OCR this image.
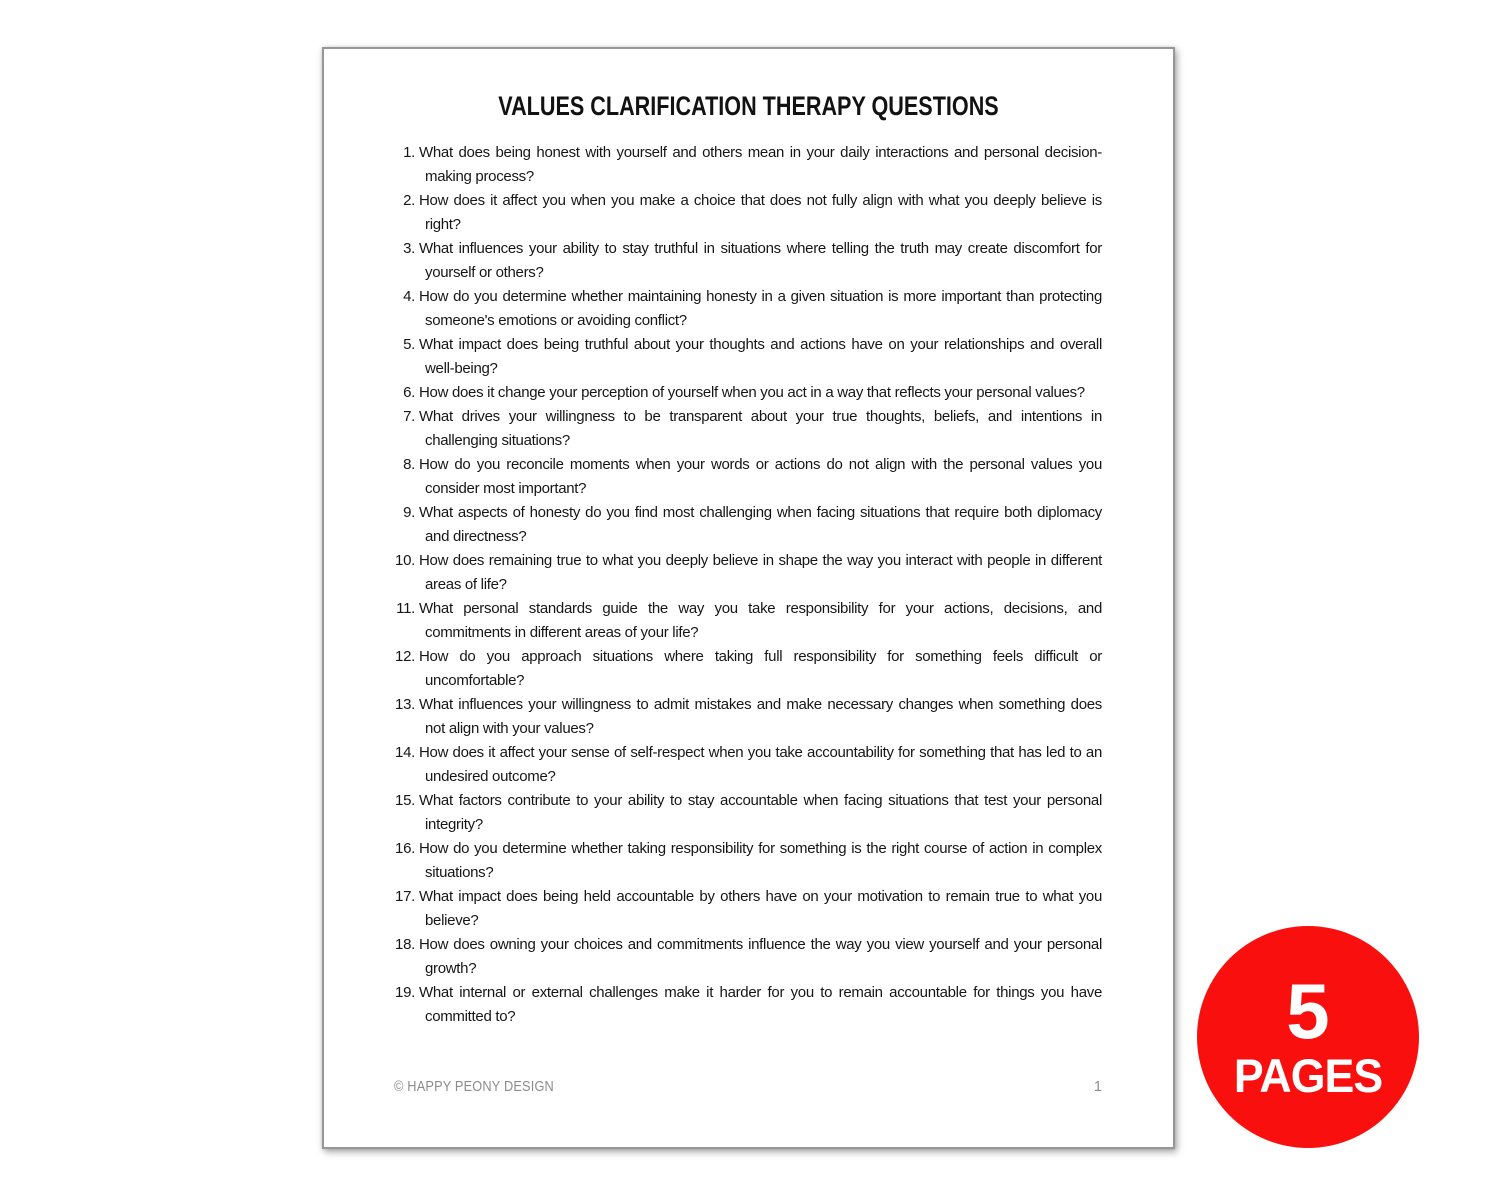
VALUES CLARIFICATION THERAPY QUESTIONS
What does being honest with yourself and others mean in your daily interactions and personal decision-making process?
How does it affect you when you make a choice that does not fully align with what you deeply believe is right?
What influences your ability to stay truthful in situations where telling the truth may create discomfort for yourself or others?
How do you determine whether maintaining honesty in a given situation is more important than protecting someone's emotions or avoiding conflict?
What impact does being truthful about your thoughts and actions have on your relationships and overall well-being?
How does it change your perception of yourself when you act in a way that reflects your personal values?
What drives your willingness to be transparent about your true thoughts, beliefs, and intentions in challenging situations?
How do you reconcile moments when your words or actions do not align with the personal values you consider most important?
What aspects of honesty do you find most challenging when facing situations that require both diplomacy and directness?
How does remaining true to what you deeply believe in shape the way you interact with people in different areas of life?
What personal standards guide the way you take responsibility for your actions, decisions, and commitments in different areas of your life?
How do you approach situations where taking full responsibility for something feels difficult or uncomfortable?
What influences your willingness to admit mistakes and make necessary changes when something does not align with your values?
How does it affect your sense of self-respect when you take accountability for something that has led to an undesired outcome?
What factors contribute to your ability to stay accountable when facing situations that test your personal integrity?
How do you determine whether taking responsibility for something is the right course of action in complex situations?
What impact does being held accountable by others have on your motivation to remain true to what you believe?
How does owning your choices and commitments influence the way you view yourself and your personal growth?
What internal or external challenges make it harder for you to remain accountable for things you have committed to?
© HAPPY PEONY DESIGN	1
5
PAGES
